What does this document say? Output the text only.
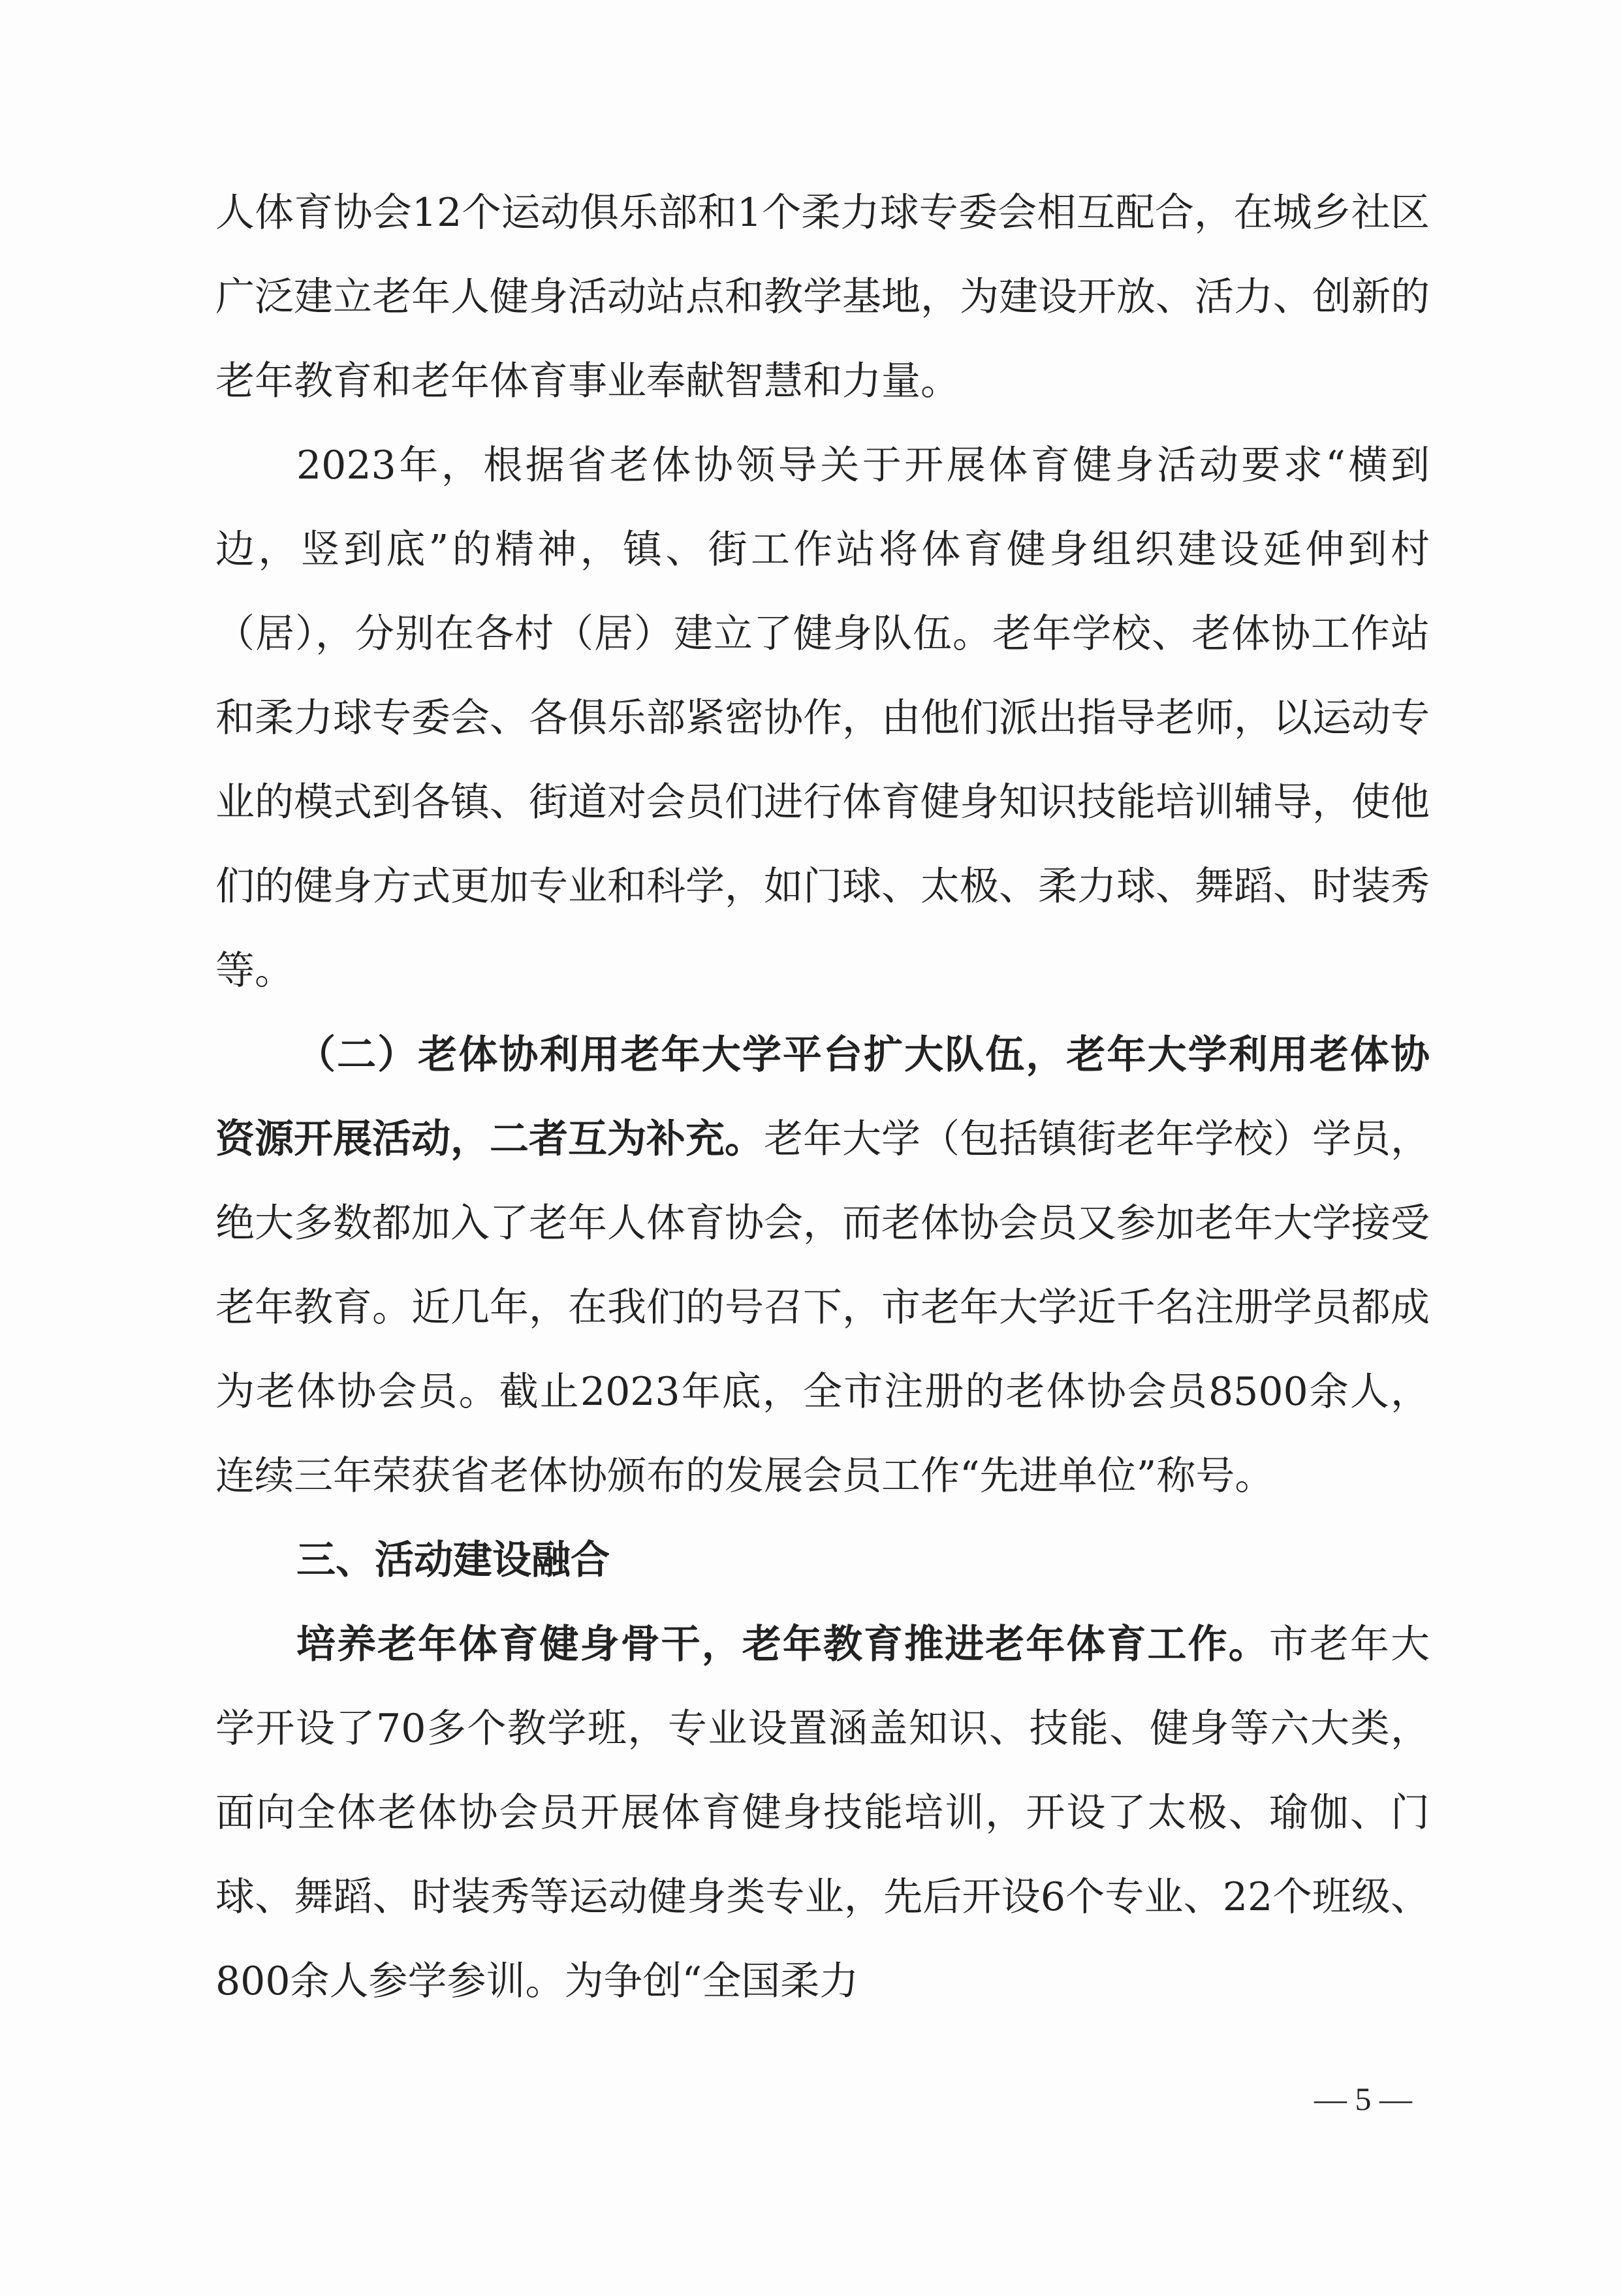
人体育协会12个运动俱乐部和1个柔力球专委会相互配合，在城乡社区广泛建立老年人健身活动站点和教学基地，为建设开放、活力、创新的老年教育和老年体育事业奉献智慧和力量。

2023年，根据省老体协领导关于开展体育健身活动要求“横到边，竖到底”的精神，镇、街工作站将体育健身组织建设延伸到村（居），分别在各村（居）建立了健身队伍。老年学校、老体协工作站和柔力球专委会、各俱乐部紧密协作，由他们派出指导老师，以运动专业的模式到各镇、街道对会员们进行体育健身知识技能培训辅导，使他们的健身方式更加专业和科学，如门球、太极、柔力球、舞蹈、时装秀等。

（二）老体协利用老年大学平台扩大队伍，老年大学利用老体协资源开展活动，二者互为补充。老年大学（包括镇街老年学校）学员，绝大多数都加入了老年人体育协会，而老体协会员又参加老年大学接受老年教育。近几年，在我们的号召下，市老年大学近千名注册学员都成为老体协会员。截止2023年底，全市注册的老体协会员8500余人，连续三年荣获省老体协颁布的发展会员工作“先进单位”称号。

三、活动建设融合

培养老年体育健身骨干，老年教育推进老年体育工作。市老年大学开设了70多个教学班，专业设置涵盖知识、技能、健身等六大类，面向全体老体协会员开展体育健身技能培训，开设了太极、瑜伽、门球、舞蹈、时装秀等运动健身类专业，先后开设6个专业、22个班级、800余人参学参训。为争创“全国柔力

— 5 —
